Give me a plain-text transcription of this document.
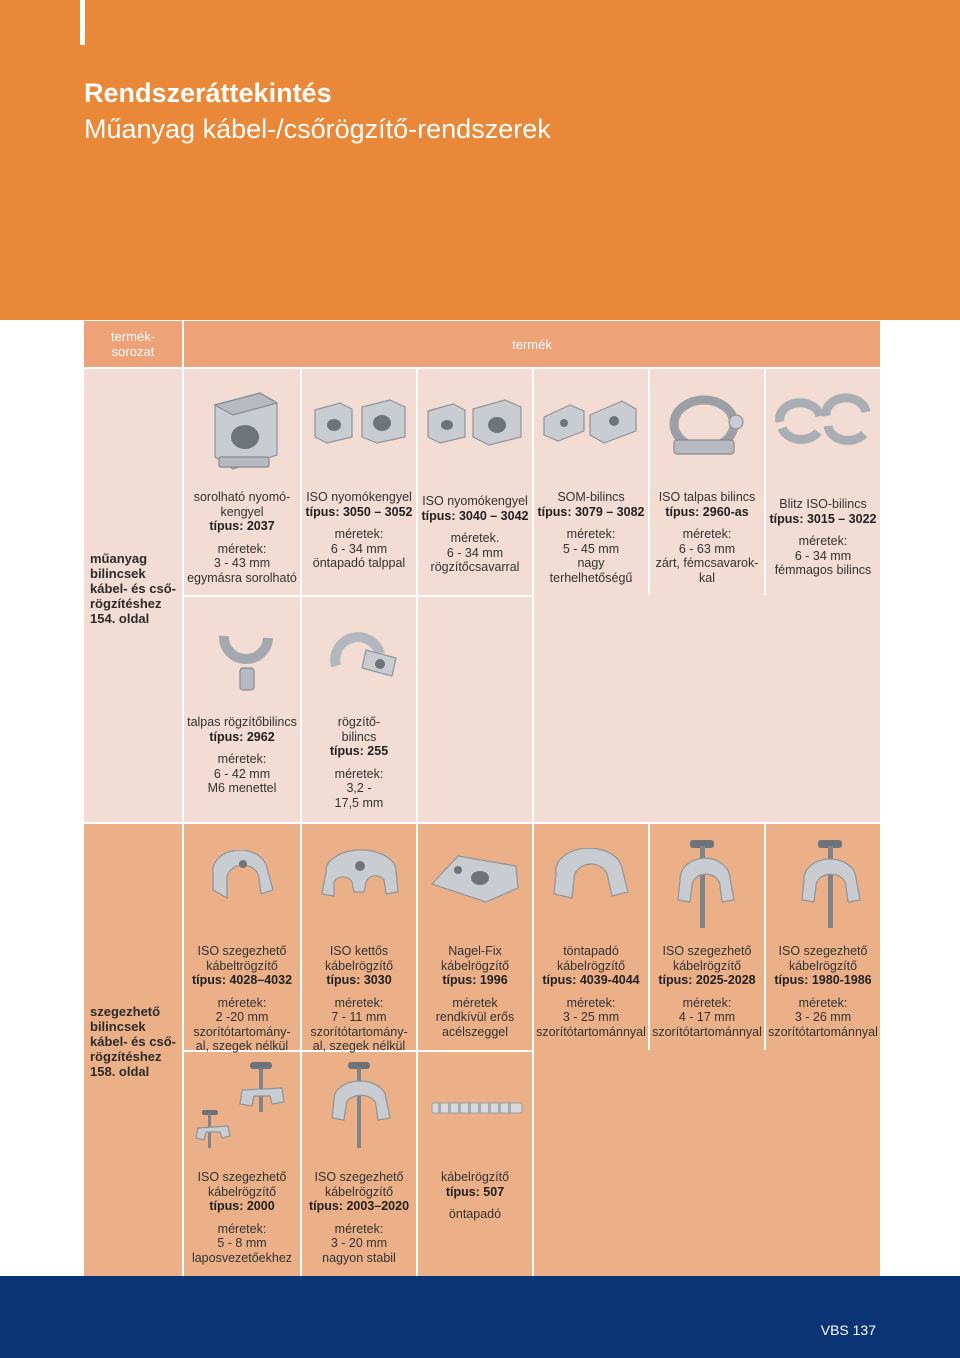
Rendszeráttekintés
Műanyag kábel-/csőrögzítő-rendszerek
termék-
sorozat	termék
műanyag
bilincsek
kábel- és cső-
rögzítéshez
154. oldal
szegezhető
bilincsek
kábel- és cső-
rögzítéshez
158. oldal
sorolható nyomó-
kengyel
típus: 2037
méretek:
3 - 43 mm
egymásra sorolható
ISO nyomókengyel
típus: 3050 – 3052
méretek:
6 - 34 mm
öntapadó talppal
ISO nyomókengyel
típus: 3040 – 3042
méretek.
6 - 34 mm
rögzítőcsavarral
SOM-bilincs
típus: 3079 – 3082
méretek:
5 - 45 mm
nagy
terhelhetőségű
ISO talpas bilincs
típus: 2960-as
méretek:
6 - 63 mm
zárt, fémcsavarok-
kal
Blitz ISO-bilincs
típus: 3015 – 3022
méretek:
6 - 34 mm
fémmagos bilincs
talpas rögzítőbilincs
típus: 2962
méretek:
6 - 42 mm
M6 menettel
rögzítő-
bilincs
típus: 255
méretek:
3,2 -
17,5 mm
ISO szegezhető
kábeltrögzítő
típus: 4028–4032
méretek:
2 -20 mm
szorítótartomány-
al, szegek nélkül
ISO kettős
kábelrögzítő
típus: 3030
méretek:
7 - 11 mm
szorítótartomány-
al, szegek nélkül
Nagel-Fix
kábelrögzítő
típus: 1996
méretek
rendkívül erős
acélszeggel
töntapadó
kábelrögzítő
típus: 4039-4044
méretek:
3 - 25 mm
szorítótartománnyal
ISO szegezhető
kábelrögzítő
típus: 2025-2028
méretek:
4 - 17 mm
szorítótartománnyal
ISO szegezhető
kábelrögzítő
típus: 1980-1986
méretek:
3 - 26 mm
szorítótartománnyal
ISO szegezhető
kábelrögzítő
típus: 2000
méretek:
5 - 8 mm
laposvezetőekhez
ISO szegezhető
kábelrögzítő
típus: 2003–2020
méretek:
3 - 20 mm
nagyon stabil
kábelrögzítő
típus: 507
öntapadó
VBS 137
